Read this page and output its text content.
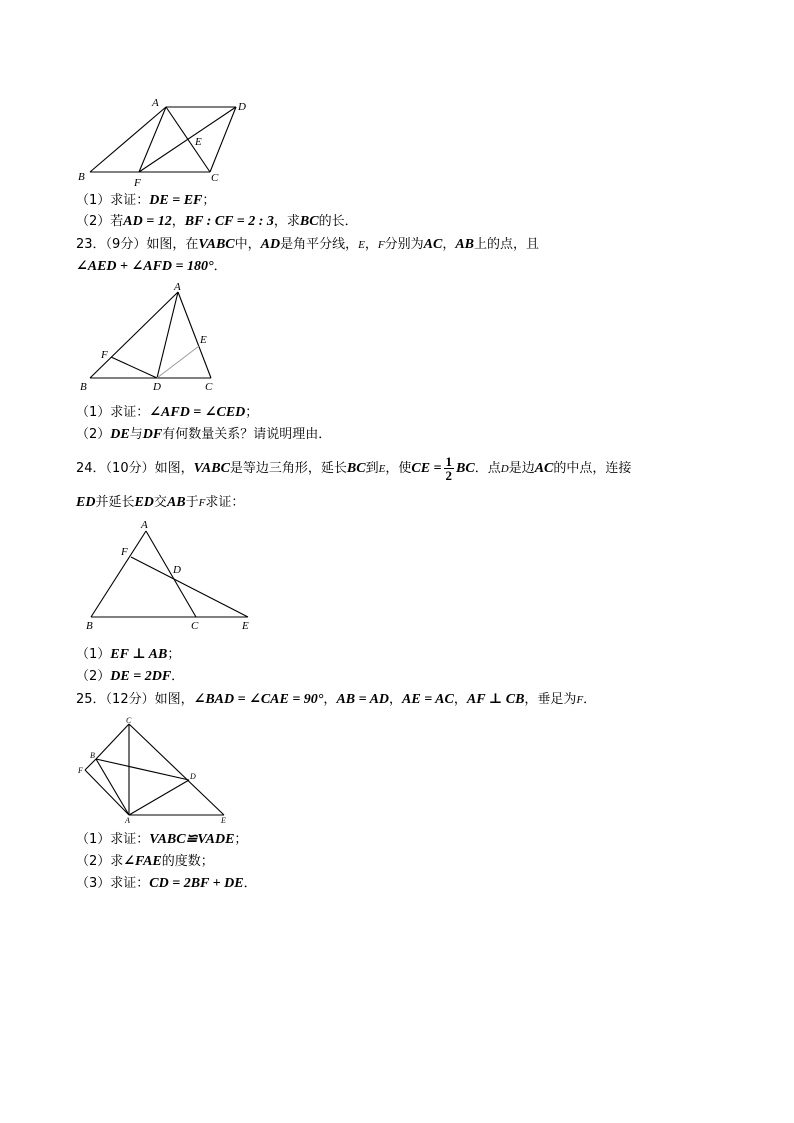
A	D
E
B	F	C
（1）求证：DE = EF；
（2）若AD = 12，BF : CF = 2 : 3，求BC的长．
23．（9分）如图，在VABC中，AD是角平分线，E，F分别为AC，AB上的点，且
∠AED + ∠AFD = 180°．
A
F
E
B	D	C
（1）求证：∠AFD = ∠CED；
（2）DE与DF有何数量关系？请说明理由．
24．（10分）如图，VABC是等边三角形，延长BC到E，使CE = $\frac{1}{2}$ BC．点D是边AC的中点，连接
ED并延长ED交AB于F求证：
A
F
D
B	C	E
（1）EF ⊥ AB；
（2）DE = 2DF．
25．（12分）如图，∠BAD = ∠CAE = 90°，AB = AD，AE = AC，AF ⊥ CB，垂足为F．
C
B
F
D
A	E
（1）求证：VABC≌VADE；
（2）求∠FAE的度数；
（3）求证：CD = 2BF + DE．
